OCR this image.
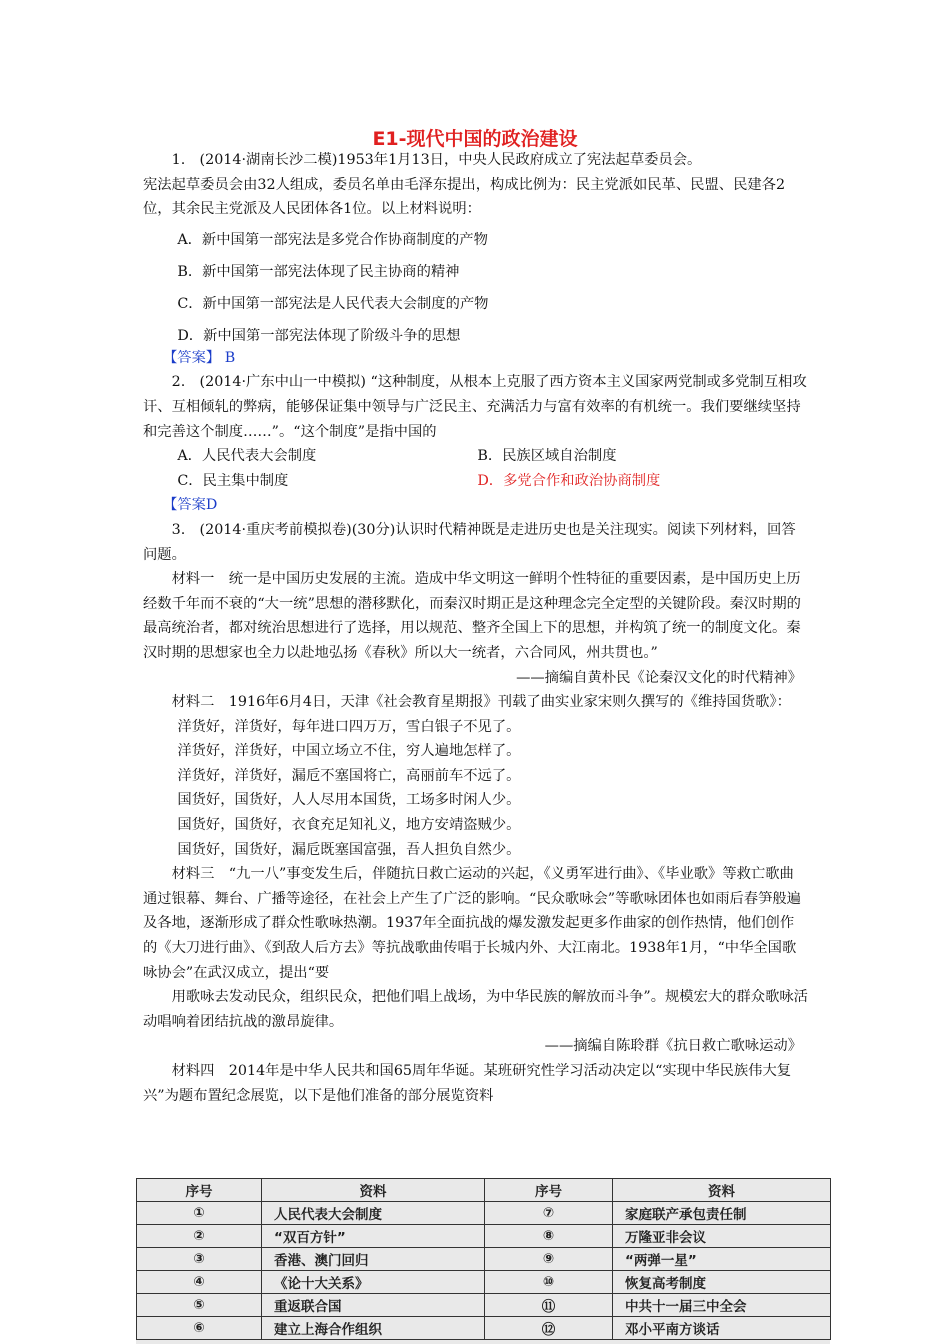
E1-现代中国的政治建设

1.　(2014·湖南长沙二模)1953年1月13日，中央人民政府成立了宪法起草委员会。

宪法起草委员会由32人组成，委员名单由毛泽东提出，构成比例为：民主党派如民革、民盟、民建各2位，其余民主党派及人民团体各1位。以上材料说明：

A．新中国第一部宪法是多党合作协商制度的产物

B．新中国第一部宪法体现了民主协商的精神

C．新中国第一部宪法是人民代表大会制度的产物

D．新中国第一部宪法体现了阶级斗争的思想

【答案】 B

2.　(2014·广东中山一中模拟) “这种制度，从根本上克服了西方资本主义国家两党制或多党制互相攻讦、互相倾轧的弊病，能够保证集中领导与广泛民主、充满活力与富有效率的有机统一。我们要继续坚持和完善这个制度……”。“这个制度”是指中国的

A．人民代表大会制度	B．民族区域自治制度
C．民主集中制度	D．多党合作和政治协商制度

【答案D

3.　(2014·重庆考前模拟卷)(30分)认识时代精神既是走进历史也是关注现实。阅读下列材料，回答问题。

材料一　统一是中国历史发展的主流。造成中华文明这一鲜明个性特征的重要因素，是中国历史上历经数千年而不衰的“大一统”思想的潜移默化，而秦汉时期正是这种理念完全定型的关键阶段。秦汉时期的最高统治者，都对统治思想进行了选择，用以规范、整齐全国上下的思想，并构筑了统一的制度文化。秦汉时期的思想家也全力以赴地弘扬《春秋》所以大一统者，六合同风，州共贯也。”

——摘编自黄朴民《论秦汉文化的时代精神》

材料二　1916年6月4日，天津《社会教育星期报》刊载了曲实业家宋则久撰写的《维持国货歌》：

洋货好，洋货好，每年进口四万万，雪白银子不见了。

洋货好，洋货好，中国立场立不住，穷人遍地怎样了。

洋货好，洋货好，漏卮不塞国将亡，高丽前车不远了。

国货好，国货好，人人尽用本国货，工场多时闲人少。

国货好，国货好，衣食充足知礼义，地方安靖盗贼少。

国货好，国货好，漏卮既塞国富强，吾人担负自然少。

材料三　“九一八”事变发生后，伴随抗日救亡运动的兴起，《义勇军进行曲》、《毕业歌》等救亡歌曲通过银幕、舞台、广播等途径，在社会上产生了广泛的影响。“民众歌咏会”等歌咏团体也如雨后春笋般遍及各地，逐渐形成了群众性歌咏热潮。1937年全面抗战的爆发激发起更多作曲家的创作热情，他们创作的《大刀进行曲》、《到敌人后方去》等抗战歌曲传唱于长城内外、大江南北。1938年1月，“中华全国歌咏协会”在武汉成立，提出“要

用歌咏去发动民众，组织民众，把他们唱上战场，为中华民族的解放而斗争”。规模宏大的群众歌咏活动唱响着团结抗战的激昂旋律。

——摘编自陈聆群《抗日救亡歌咏运动》

材料四　2014年是中华人民共和国65周年华诞。某班研究性学习活动决定以“实现中华民族伟大复兴”为题布置纪念展览，以下是他们准备的部分展览资料

序号	资料	序号	资料
①	人民代表大会制度	⑦	家庭联产承包责任制
②	“双百方针”	⑧	万隆亚非会议
③	香港、澳门回归	⑨	“两弹一星”
④	《论十大关系》	⑩	恢复高考制度
⑤	重返联合国	⑪	中共十一届三中全会
⑥	建立上海合作组织	⑫	邓小平南方谈话
